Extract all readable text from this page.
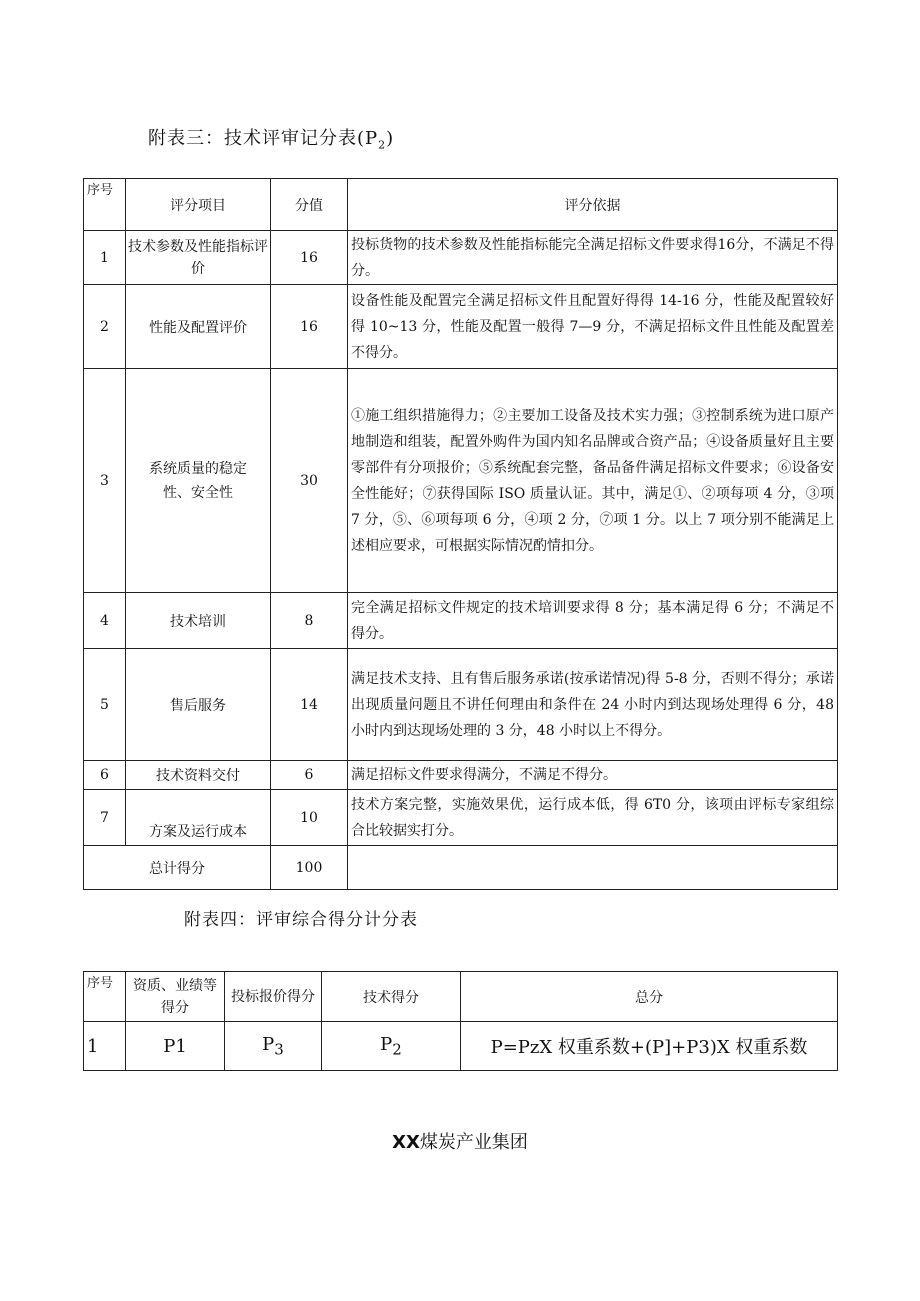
附表三：技术评审记分表$(P_2)$
序号	评分项目	分值	评分依据
1	技术参数及性能指标评价	16	投标货物的技术参数及性能指标能完全满足招标文件要求得16分，不满足不得分。
2	性能及配置评价	16	设备性能及配置完全满足招标文件且配置好得得 14-16 分，性能及配置较好得 10~13 分，性能及配置一般得 7—9 分，不满足招标文件且性能及配置差不得分。
3	系统质量的稳定性、安全性	30	①施工组织措施得力；②主要加工设备及技术实力强；③控制系统为进口原产地制造和组装，配置外购件为国内知名品牌或合资产品；④设备质量好且主要零部件有分项报价；⑤系统配套完整，备品备件满足招标文件要求；⑥设备安全性能好；⑦获得国际 ISO 质量认证。其中，满足①、②项每项 4 分，③项 7 分，⑤、⑥项每项 6 分，④项 2 分，⑦项 1 分。以上 7 项分别不能满足上述相应要求，可根据实际情况酌情扣分。
4	技术培训	8	完全满足招标文件规定的技术培训要求得 8 分；基本满足得 6 分；不满足不得分。
5	售后服务	14	满足技术支持、且有售后服务承诺(按承诺情况)得 5-8 分，否则不得分；承诺出现质量问题且不讲任何理由和条件在 24 小时内到达现场处理得 6 分，48 小时内到达现场处理的 3 分，48 小时以上不得分。
6	技术资料交付	6	满足招标文件要求得满分，不满足不得分。
7	方案及运行成本	10	技术方案完整，实施效果优，运行成本低，得 6T0 分，该项由评标专家组综合比较据实打分。
总计得分		100	
附表四：评审综合得分计分表
序号	资质、业绩等得分	投标报价得分	技术得分	总分
1	P1	$P_3$	$P_2$	P=PzX 权重系数+(P]+P3)X 权重系数
XX煤炭产业集团
